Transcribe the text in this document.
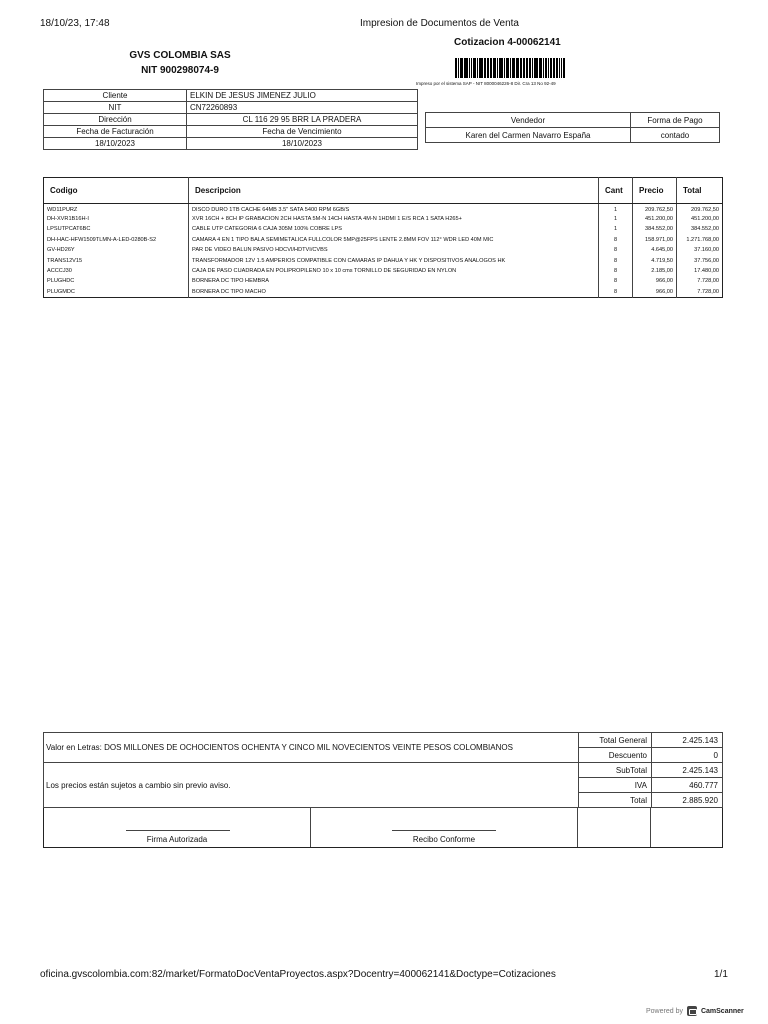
18/10/23, 17:48	Impresion de Documentos de Venta
GVS COLOMBIA SAS
NIT 900298074-9
Cotizacion 4-00062141
Impreso por el sistema SAP - NIT 8000046226-8 Dir. Cra 13 No 92-49
Cliente	ELKIN DE JESUS JIMENEZ JULIO
NIT	CN72260893
Dirección	CL 116 29 95 BRR LA PRADERA
Fecha de Facturación	Fecha de Vencimiento
18/10/2023	18/10/2023
Vendedor	Forma de Pago
Karen del Carmen Navarro España	contado
Codigo	Descripcion	Cant	Precio	Total
WD11PURZ	DISCO DURO 1TB CACHE 64MB 3.5" SATA 5400 RPM 6GB/S	1	209.762,50	209.762,50
DH-XVR1B16H-I	XVR 16CH + 8CH IP GRABACION 2CH HASTA 5M-N 14CH HASTA 4M-N 1HDMI 1 E/S RCA 1 SATA H265+	1	451.200,00	451.200,00
LPSUTPCAT6BC	CABLE UTP CATEGORIA 6 CAJA 305M 100% COBRE LPS	1	384.552,00	384.552,00
DH-HAC-HFW1509TLMN-A-LED-0280B-S2	CAMARA 4 EN 1 TIPO BALA SEMIMETALICA FULLCOLOR 5MP@25FPS LENTE 2.8MM FOV 112° WDR LED 40M MIC	8	158.971,00	1.271.768,00
GV-HD26Y	PAR DE VIDEO BALUN PASIVO HDCVI/HDTVI/CVBS	8	4.645,00	37.160,00
TRANS12V15	TRANSFORMADOR 12V 1.5 AMPERIOS COMPATIBLE CON CAMARAS IP DAHUA Y HK Y DISPOSITIVOS ANALOGOS HK	8	4.719,50	37.756,00
ACCCJ30	CAJA DE PASO CUADRADA EN POLIPROPILENO 10 x 10 cms TORNILLO DE SEGURIDAD EN NYLON	8	2.185,00	17.480,00
PLUGHDC	BORNERA DC TIPO HEMBRA	8	966,00	7.728,00
PLUGMDC	BORNERA DC TIPO MACHO	8	966,00	7.728,00
Valor en Letras: DOS MILLONES DE OCHOCIENTOS OCHENTA Y CINCO MIL NOVECIENTOS VEINTE PESOS COLOMBIANOS	Total General	2.425.143
	Descuento	0
Los precios están sujetos a cambio sin previo aviso.	SubTotal	2.425.143
	IVA	460.777
	Total	2.885.920
Firma Autorizada	Recibo Conforme
oficina.gvscolombia.com:82/market/FormatoDocVentaProyectos.aspx?Docentry=400062141&Doctype=Cotizaciones	1/1
Powered by	CamScanner
